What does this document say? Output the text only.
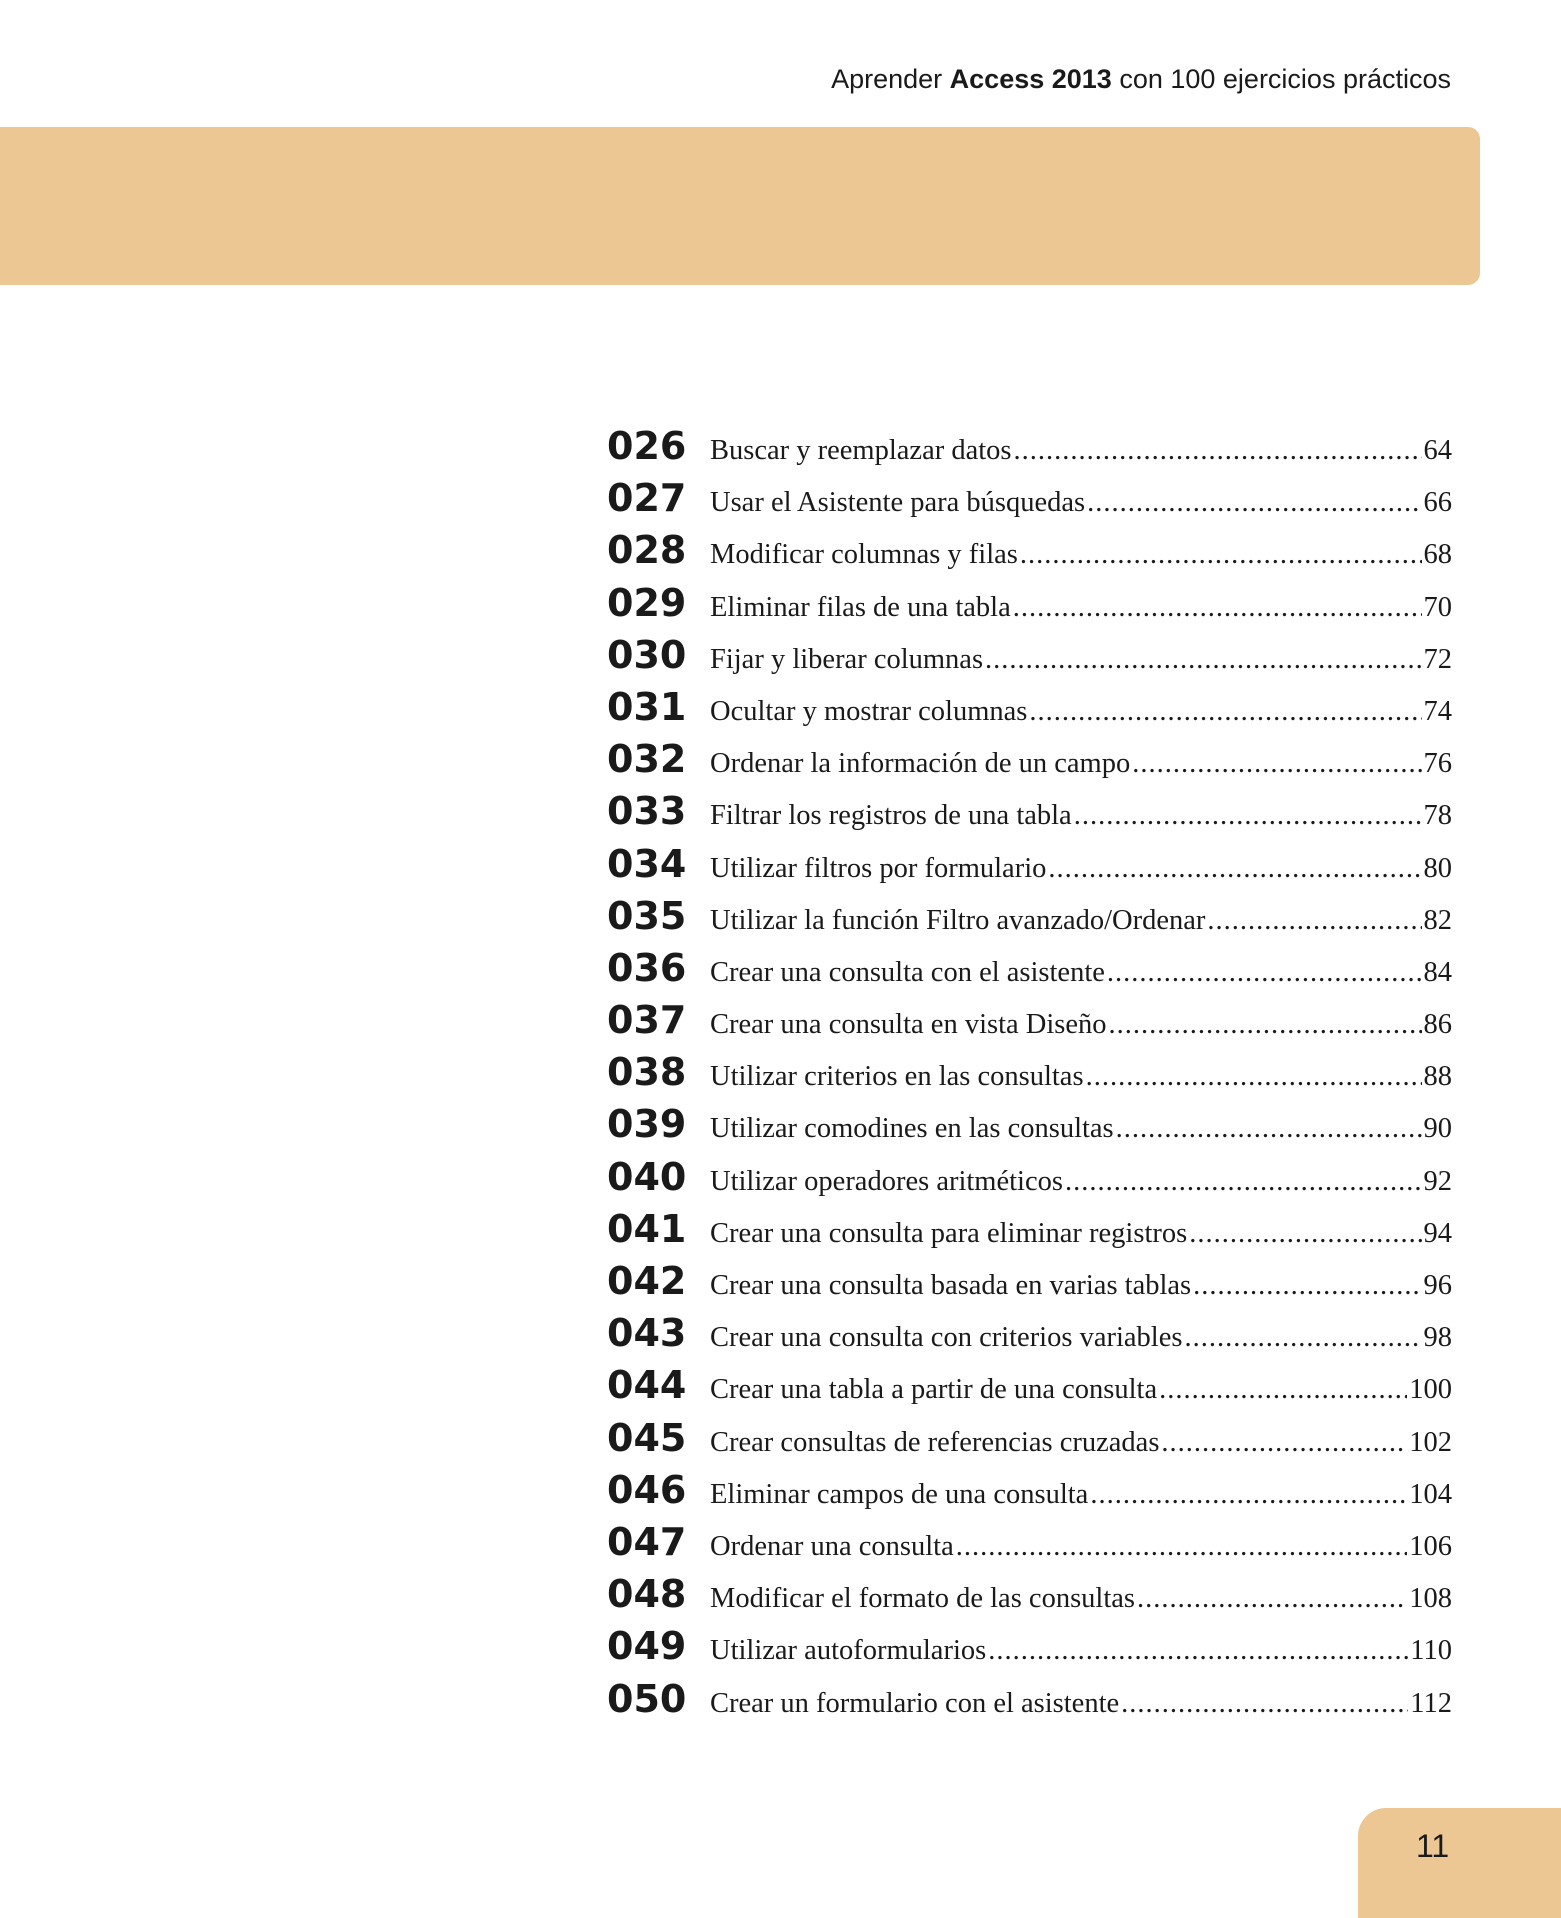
Aprender Access 2013 con 100 ejercicios prácticos
026 Buscar y reemplazar datos .....	64
027 Usar el Asistente para búsquedas .....	66
028 Modificar columnas y filas .....	68
029 Eliminar filas de una tabla .....	70
030 Fijar y liberar columnas .....	72
031 Ocultar y mostrar columnas .....	74
032 Ordenar la información de un campo .....	76
033 Filtrar los registros de una tabla .....	78
034 Utilizar filtros por formulario .....	80
035 Utilizar la función Filtro avanzado/Ordenar .....	82
036 Crear una consulta con el asistente .....	84
037 Crear una consulta en vista Diseño .....	86
038 Utilizar criterios en las consultas .....	88
039 Utilizar comodines en las consultas .....	90
040 Utilizar operadores aritméticos .....	92
041 Crear una consulta para eliminar registros .....	94
042 Crear una consulta basada en varias tablas .....	96
043 Crear una consulta con criterios variables .....	98
044 Crear una tabla a partir de una consulta .....	100
045 Crear consultas de referencias cruzadas .....	102
046 Eliminar campos de una consulta .....	104
047 Ordenar una consulta .....	106
048 Modificar el formato de las consultas .....	108
049 Utilizar autoformularios .....	110
050 Crear un formulario con el asistente .....	112
11
